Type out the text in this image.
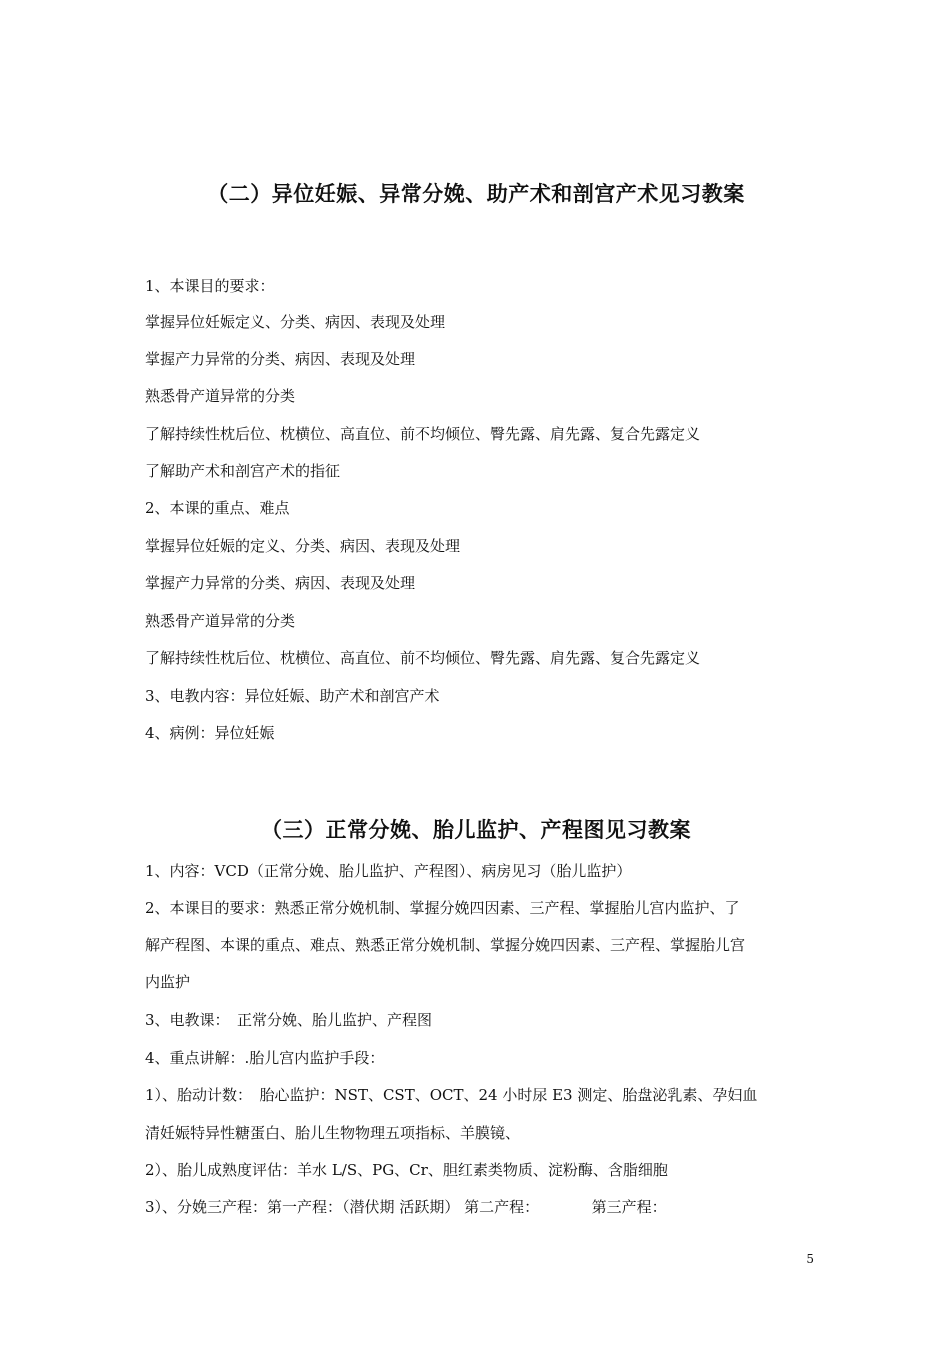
（二）异位妊娠、异常分娩、助产术和剖宫产术见习教案

1、本课目的要求：

掌握异位妊娠定义、分类、病因、表现及处理

掌握产力异常的分类、病因、表现及处理

熟悉骨产道异常的分类

了解持续性枕后位、枕横位、高直位、前不均倾位、臀先露、肩先露、复合先露定义

了解助产术和剖宫产术的指征

2、本课的重点、难点

掌握异位妊娠的定义、分类、病因、表现及处理

掌握产力异常的分类、病因、表现及处理

熟悉骨产道异常的分类

了解持续性枕后位、枕横位、高直位、前不均倾位、臀先露、肩先露、复合先露定义

3、电教内容：异位妊娠、助产术和剖宫产术

4、病例：异位妊娠

（三）正常分娩、胎儿监护、产程图见习教案

1、内容：VCD（正常分娩、胎儿监护、产程图）、病房见习（胎儿监护）

2、本课目的要求：熟悉正常分娩机制、掌握分娩四因素、三产程、掌握胎儿宫内监护、了

解产程图、本课的重点、难点、熟悉正常分娩机制、掌握分娩四因素、三产程、掌握胎儿宫

内监护

3、电教课：　正常分娩、胎儿监护、产程图

4、重点讲解：.胎儿宫内监护手段：

1）、胎动计数：　胎心监护：NST、CST、OCT、24 小时尿 E3 测定、胎盘泌乳素、孕妇血

清妊娠特异性糖蛋白、胎儿生物物理五项指标、羊膜镜、

2）、胎儿成熟度评估：羊水 L/S、PG、Cr、胆红素类物质、淀粉酶、含脂细胞

3）、分娩三产程：第一产程：（潜伏期 活跃期） 第二产程：　　　　第三产程：

5
